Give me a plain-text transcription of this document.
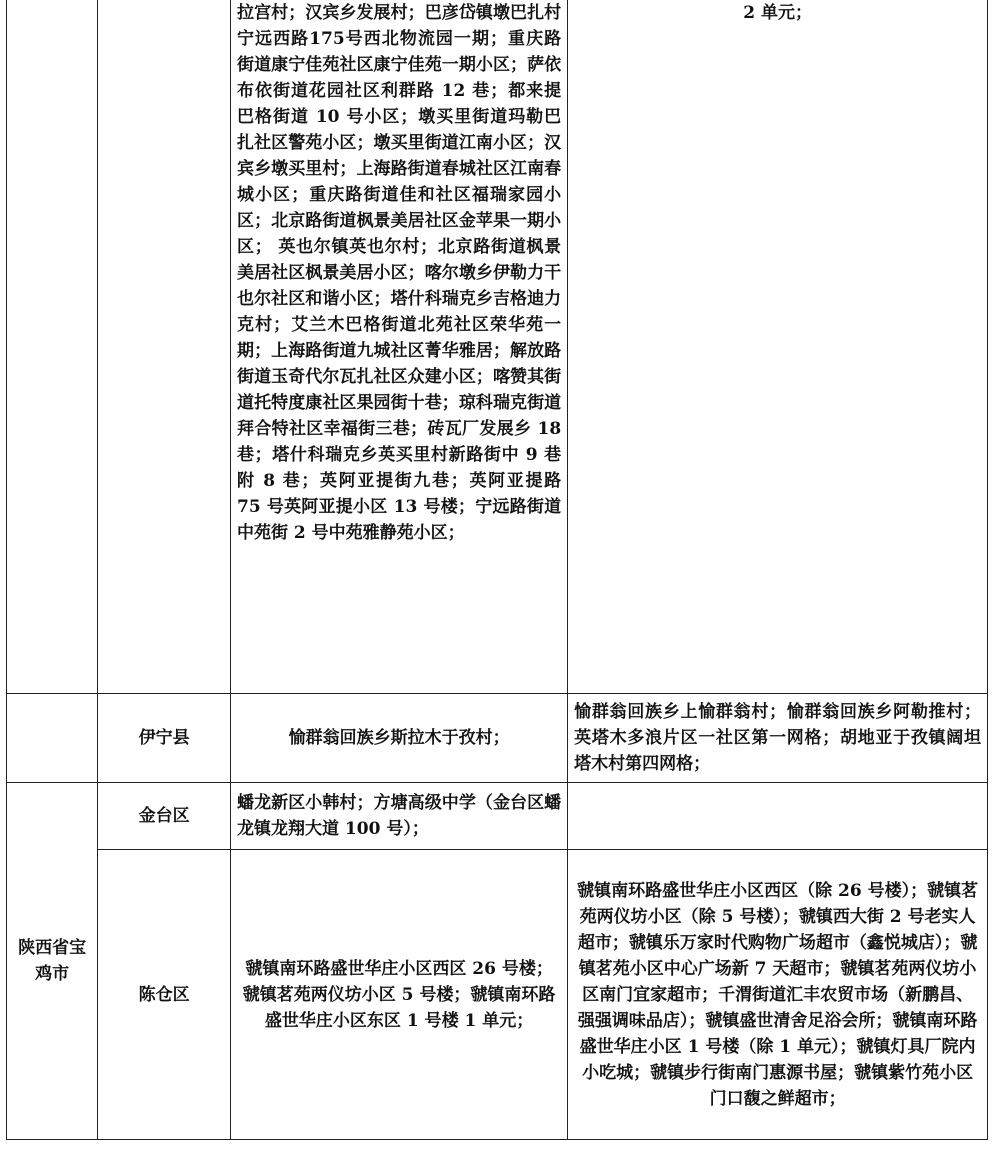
		拉宫村；汉宾乡发展村；巴彦岱镇墩巴扎村宁远西路175号西北物流园一期；重庆路街道康宁佳苑社区康宁佳苑一期小区；萨依布依街道花园社区利群路 12 巷；都来提巴格街道 10 号小区；墩买里街道玛勒巴扎社区警苑小区；墩买里街道江南小区；汉宾乡墩买里村；上海路街道春城社区江南春城小区；重庆路街道佳和社区福瑞家园小区；北京路街道枫景美居社区金苹果一期小区； 英也尔镇英也尔村；北京路街道枫景美居社区枫景美居小区；喀尔墩乡伊勒力干也尔社区和谐小区；塔什科瑞克乡吉格迪力克村；艾兰木巴格街道北苑社区荣华苑一期；上海路街道九城社区菁华雅居；解放路街道玉奇代尔瓦扎社区众建小区；喀赞其街道托特度康社区果园街十巷；琼科瑞克街道拜合特社区幸福街三巷；砖瓦厂发展乡 18 巷；塔什科瑞克乡英买里村新路街中 9 巷附 8 巷；英阿亚提街九巷；英阿亚提路 75 号英阿亚提小区 13 号楼；宁远路街道中苑街 2 号中苑雅静苑小区；	2 单元；
	伊宁县	愉群翁回族乡斯拉木于孜村；	愉群翁回族乡上愉群翁村；愉群翁回族乡阿勒推村；英塔木多浪片区一社区第一网格；胡地亚于孜镇阔坦塔木村第四网格；
陕西省宝鸡市	金台区	蟠龙新区小韩村；方塘高级中学（金台区蟠龙镇龙翔大道 100 号）；	
	陈仓区	虢镇南环路盛世华庄小区西区 26 号楼；虢镇茗苑两仪坊小区 5 号楼；虢镇南环路盛世华庄小区东区 1 号楼 1 单元；	虢镇南环路盛世华庄小区西区（除 26 号楼）；虢镇茗苑两仪坊小区（除 5 号楼）；虢镇西大街 2 号老实人超市；虢镇乐万家时代购物广场超市（鑫悦城店）；虢镇茗苑小区中心广场新 7 天超市；虢镇茗苑两仪坊小区南门宜家超市；千渭街道汇丰农贸市场（新鹏昌、强强调味品店）；虢镇盛世清舍足浴会所；虢镇南环路盛世华庄小区 1 号楼（除 1 单元）；虢镇灯具厂院内小吃城；虢镇步行街南门惠源书屋；虢镇紫竹苑小区门口馥之鲜超市；
